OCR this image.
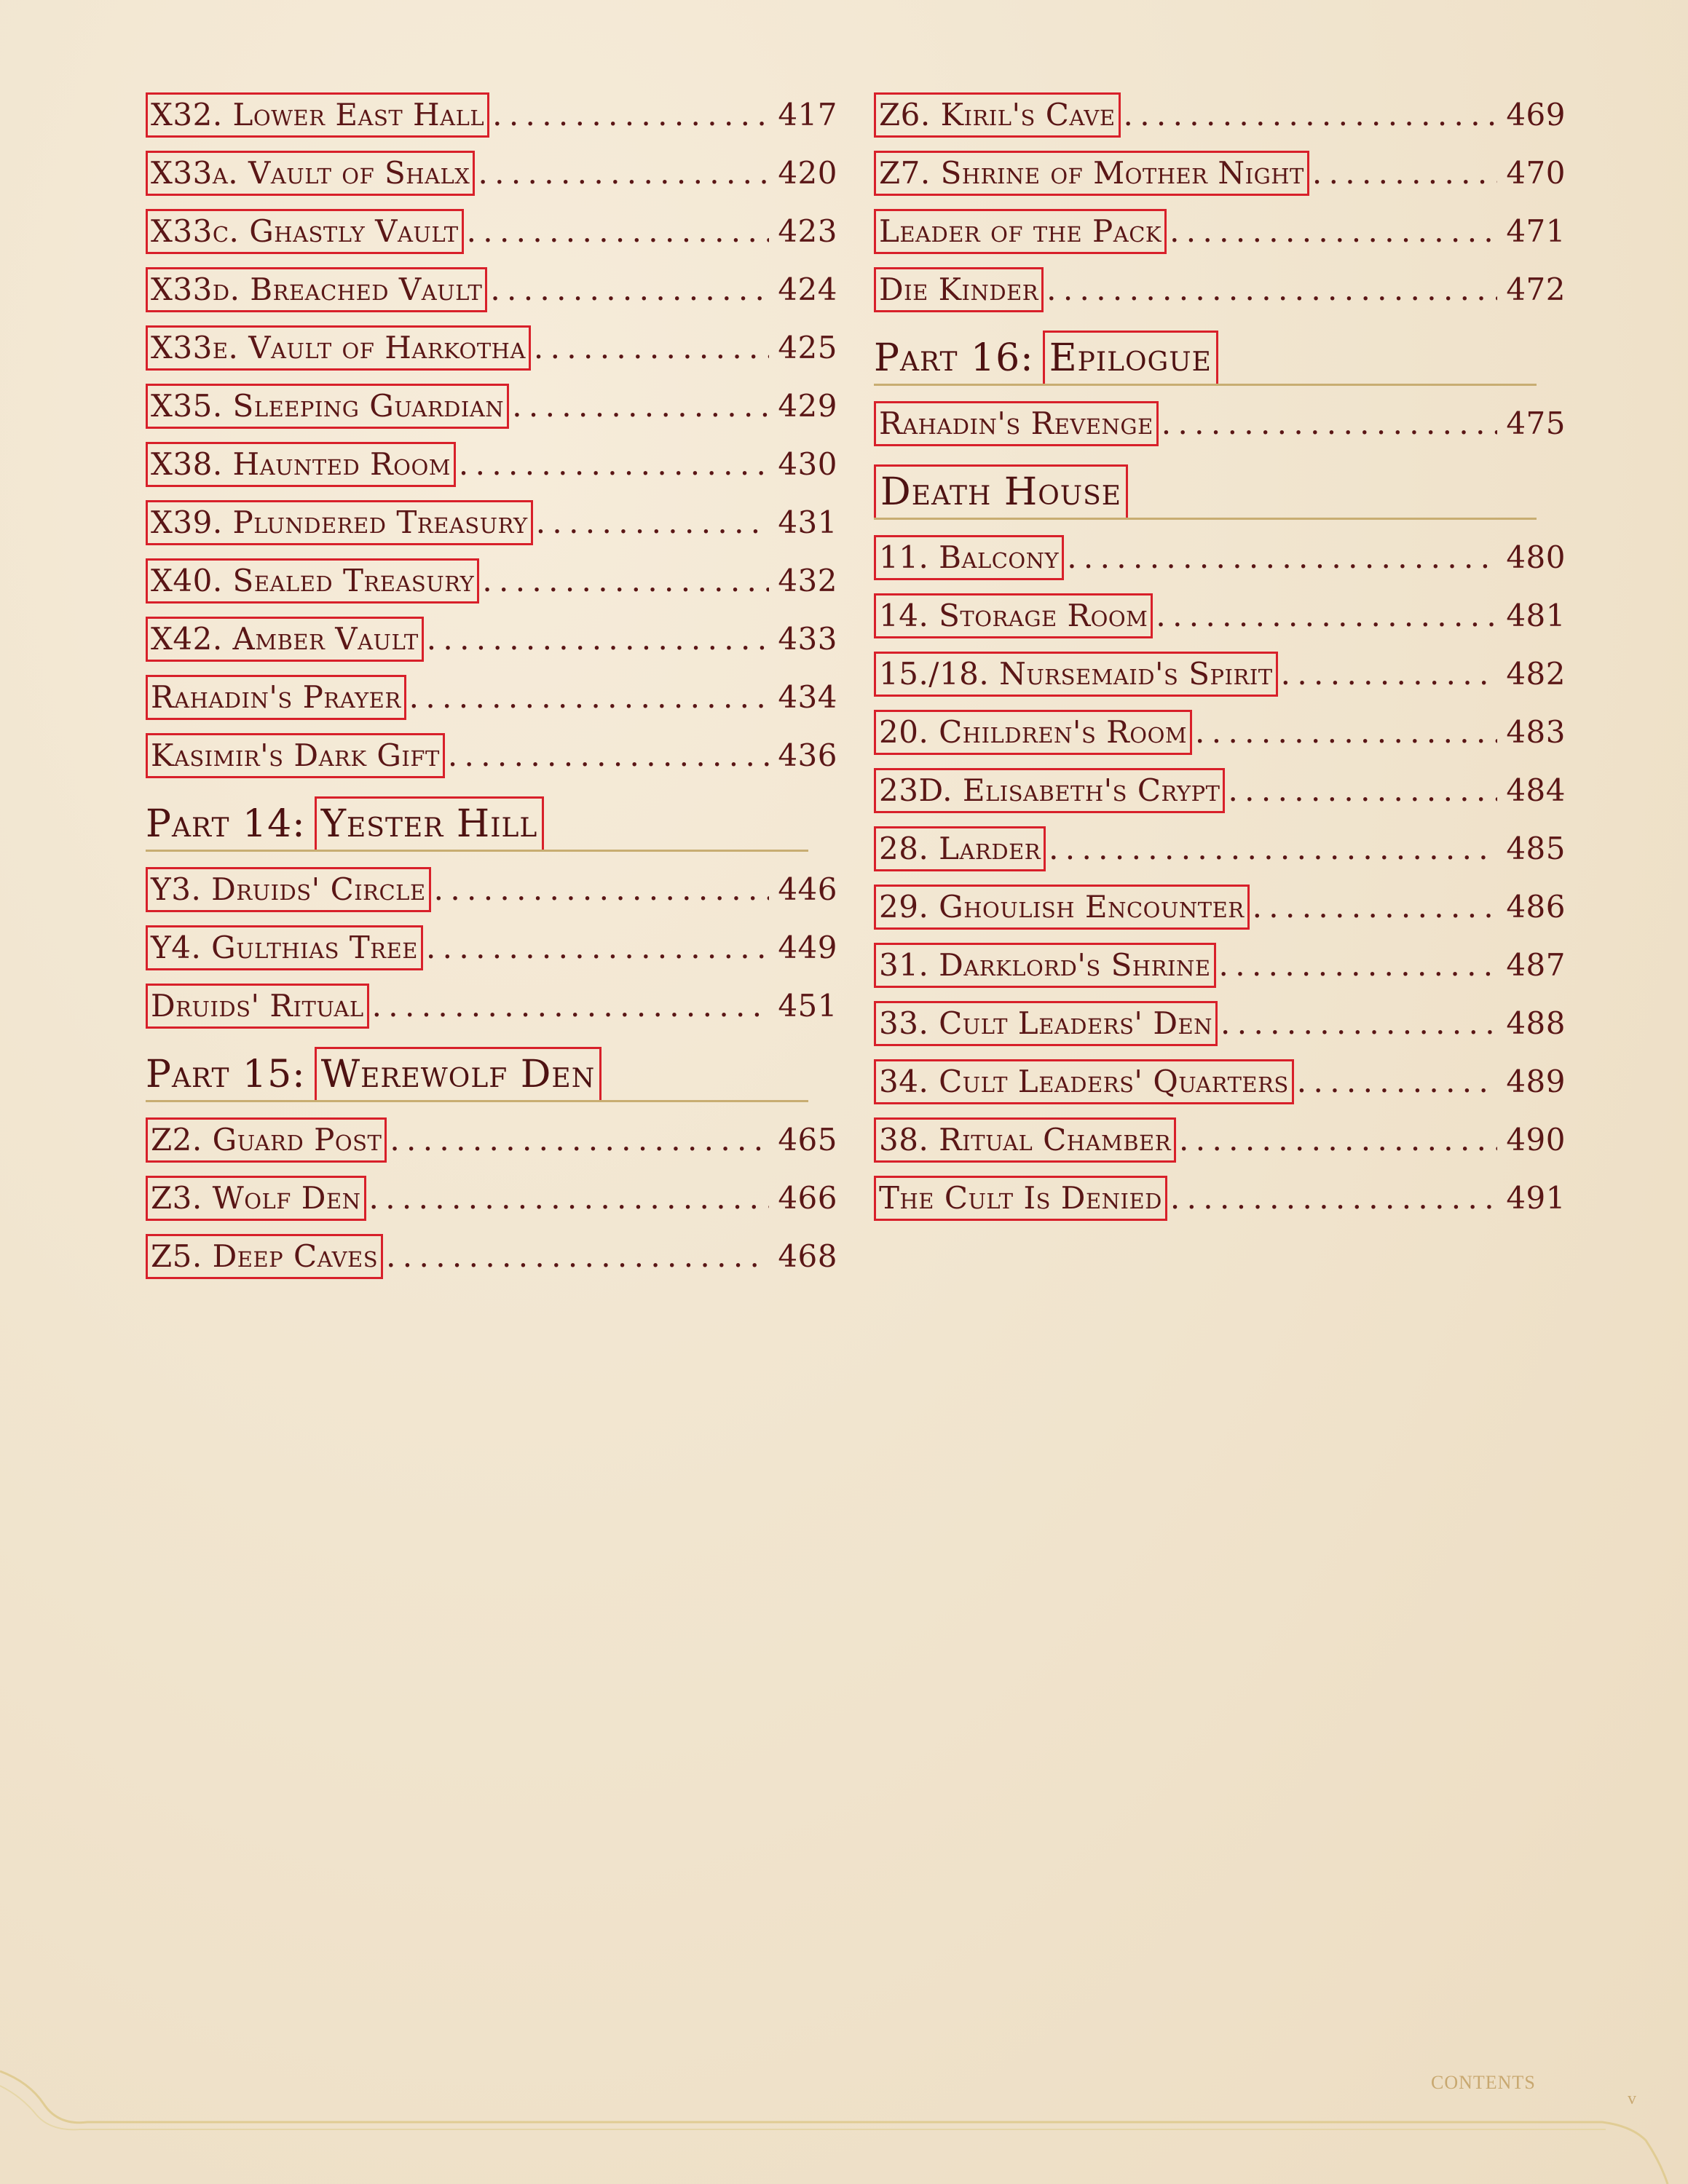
X32. Lower East Hall . . .	417
X33a. Vault of Shalx . . .	420
X33c. Ghastly Vault . . .	423
X33d. Breached Vault . . .	424
X33e. Vault of Harkotha . . .	425
X35. Sleeping Guardian . . .	429
X38. Haunted Room . . .	430
X39. Plundered Treasury . . .	431
X40. Sealed Treasury . . .	432
X42. Amber Vault . . .	433
Rahadin's Prayer . . .	434
Kasimir's Dark Gift . . .	436
Part 14: Yester Hill
Y3. Druids' Circle . . .	446
Y4. Gulthias Tree . . .	449
Druids' Ritual . . .	451
Part 15: Werewolf Den
Z2. Guard Post . . .	465
Z3. Wolf Den . . .	466
Z5. Deep Caves . . .	468
Z6. Kiril's Cave . . .	469
Z7. Shrine of Mother Night . . .	470
Leader of the Pack . . .	471
Die Kinder . . .	472
Part 16: Epilogue
Rahadin's Revenge . . .	475
Death House
11. Balcony . . .	480
14. Storage Room . . .	481
15./18. Nursemaid's Spirit . . .	482
20. Children's Room . . .	483
23D. Elisabeth's Crypt . . .	484
28. Larder . . .	485
29. Ghoulish Encounter . . .	486
31. Darklord's Shrine . . .	487
33. Cult Leaders' Den . . .	488
34. Cult Leaders' Quarters . . .	489
38. Ritual Chamber . . .	490
The Cult Is Denied . . .	491
CONTENTS
v
